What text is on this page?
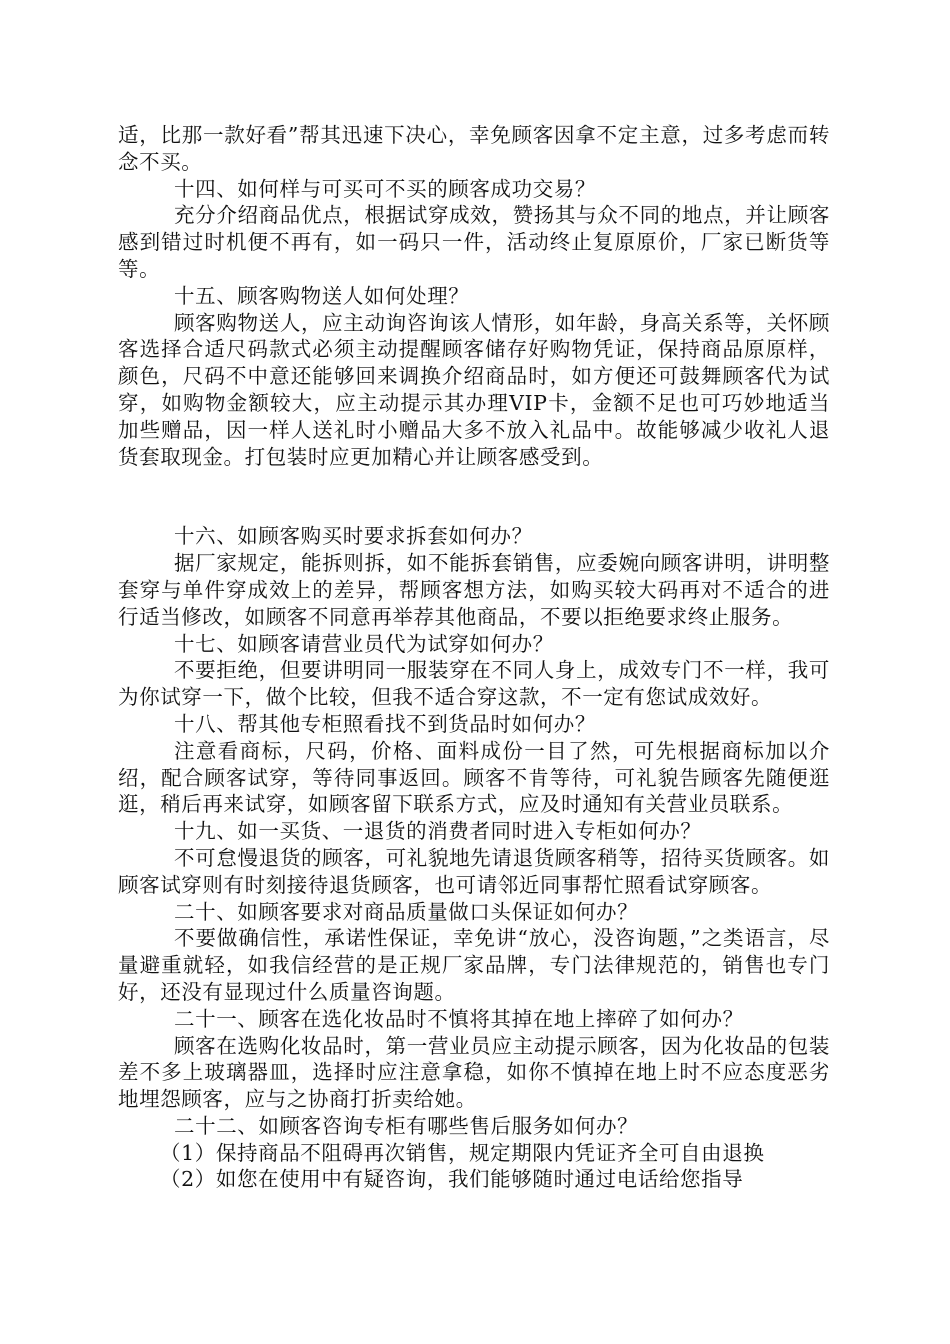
适，比那一款好看”帮其迅速下决心，幸免顾客因拿不定主意，过多考虑而转念不买。

十四、如何样与可买可不买的顾客成功交易？

充分介绍商品优点，根据试穿成效，赞扬其与众不同的地点，并让顾客感到错过时机便不再有，如一码只一件，活动终止复原原价，厂家已断货等等。

十五、顾客购物送人如何处理？

顾客购物送人，应主动询咨询该人情形，如年龄，身高关系等，关怀顾客选择合适尺码款式必须主动提醒顾客储存好购物凭证，保持商品原原样，颜色，尺码不中意还能够回来调换介绍商品时，如方便还可鼓舞顾客代为试穿，如购物金额较大，应主动提示其办理VIP卡，金额不足也可巧妙地适当加些赠品，因一样人送礼时小赠品大多不放入礼品中。故能够减少收礼人退货套取现金。打包装时应更加精心并让顾客感受到。

十六、如顾客购买时要求拆套如何办？

据厂家规定，能拆则拆，如不能拆套销售，应委婉向顾客讲明，讲明整套穿与单件穿成效上的差异，帮顾客想方法，如购买较大码再对不适合的进行适当修改，如顾客不同意再举荐其他商品，不要以拒绝要求终止服务。

十七、如顾客请营业员代为试穿如何办？

不要拒绝，但要讲明同一服装穿在不同人身上，成效专门不一样，我可为你试穿一下，做个比较，但我不适合穿这款，不一定有您试成效好。

十八、帮其他专柜照看找不到货品时如何办？

注意看商标，尺码，价格、面料成份一目了然，可先根据商标加以介绍，配合顾客试穿，等待同事返回。顾客不肯等待，可礼貌告顾客先随便逛逛，稍后再来试穿，如顾客留下联系方式，应及时通知有关营业员联系。

十九、如一买货、一退货的消费者同时进入专柜如何办？

不可怠慢退货的顾客，可礼貌地先请退货顾客稍等，招待买货顾客。如顾客试穿则有时刻接待退货顾客，也可请邻近同事帮忙照看试穿顾客。

二十、如顾客要求对商品质量做口头保证如何办？

不要做确信性，承诺性保证，幸免讲“放心，没咨询题，”之类语言，尽量避重就轻，如我信经营的是正规厂家品牌，专门法律规范的，销售也专门好，还没有显现过什么质量咨询题。

二十一、顾客在选化妆品时不慎将其掉在地上摔碎了如何办？

顾客在选购化妆品时，第一营业员应主动提示顾客，因为化妆品的包装差不多上玻璃器皿，选择时应注意拿稳，如你不慎掉在地上时不应态度恶劣地埋怨顾客，应与之协商打折卖给她。

二十二、如顾客咨询专柜有哪些售后服务如何办？

（1）保持商品不阻碍再次销售，规定期限内凭证齐全可自由退换

（2）如您在使用中有疑咨询，我们能够随时通过电话给您指导
